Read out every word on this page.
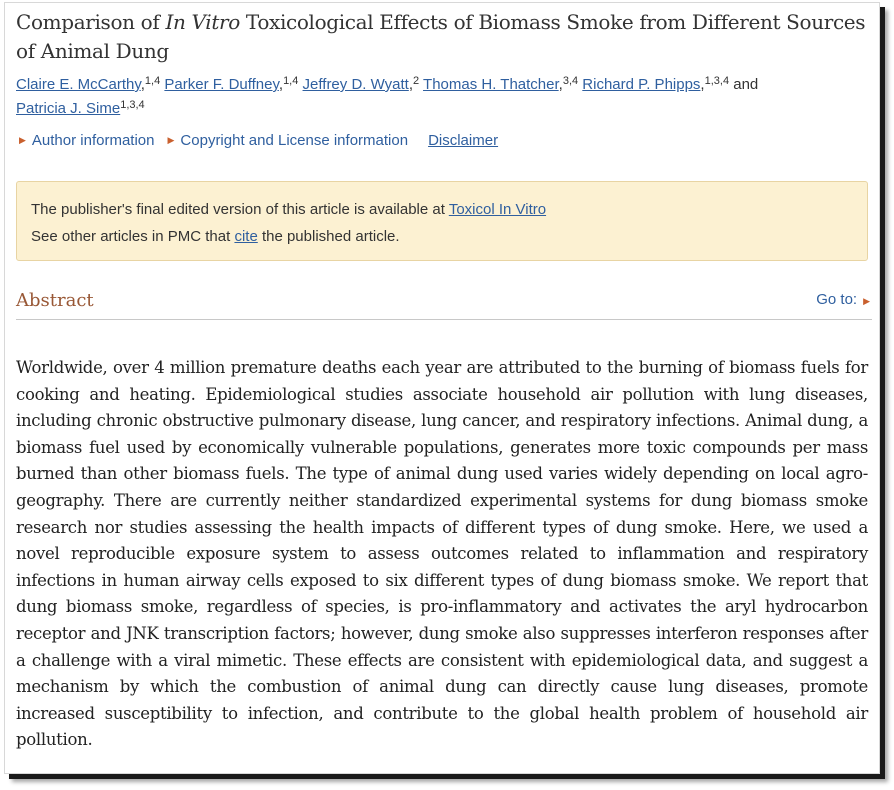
Comparison of In Vitro Toxicological Effects of Biomass Smoke from Different Sources of Animal Dung
Claire E. McCarthy,$^{1,4}$ Parker F. Duffney,$^{1,4}$ Jeffrey D. Wyatt,$^2$ Thomas H. Thatcher,$^{3,4}$ Richard P. Phipps,$^{1,3,4}$ and
Patricia J. Sime$^{1,3,4}$
▶ Author information ▶ Copyright and License information Disclaimer
The publisher's final edited version of this article is available at Toxicol In Vitro
See other articles in PMC that cite the published article.
Abstract	Go to: ▶

Worldwide, over 4 million premature deaths each year are attributed to the burning of biomass fuels for cooking and heating. Epidemiological studies associate household air pollution with lung diseases, including chronic obstructive pulmonary disease, lung cancer, and respiratory infections. Animal dung, a biomass fuel used by economically vulnerable populations, generates more toxic compounds per mass burned than other biomass fuels. The type of animal dung used varies widely depending on local agro-geography. There are currently neither standardized experimental systems for dung biomass smoke research nor studies assessing the health impacts of different types of dung smoke. Here, we used a novel reproducible exposure system to assess outcomes related to inflammation and respiratory infections in human airway cells exposed to six different types of dung biomass smoke. We report that dung biomass smoke, regardless of species, is pro-inflammatory and activates the aryl hydrocarbon receptor and JNK transcription factors; however, dung smoke also suppresses interferon responses after a challenge with a viral mimetic. These effects are consistent with epidemiological data, and suggest a mechanism by which the combustion of animal dung can directly cause lung diseases, promote increased susceptibility to infection, and contribute to the global health problem of household air pollution.
